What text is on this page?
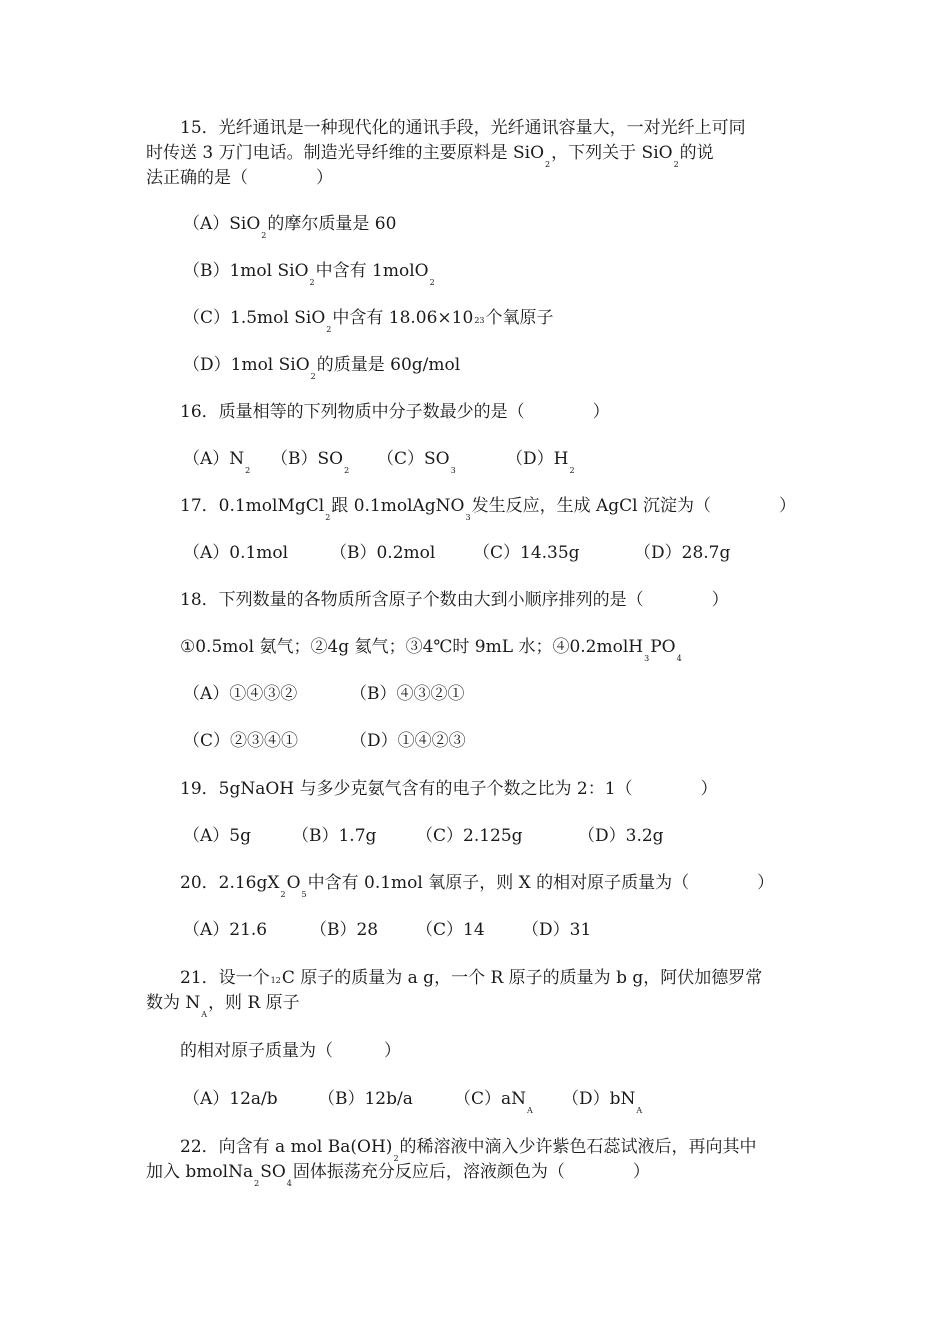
15．光纤通讯是一种现代化的通讯手段，光纤通讯容量大，一对光纤上可同
时传送 3 万门电话。制造光导纤维的主要原料是 SiO$_2$，下列关于 SiO$_2$的说
法正确的是（　　　　）
（A）SiO$_2$的摩尔质量是 60
（B）1mol SiO$_2$中含有 1molO$_2$
（C）1.5mol SiO$_2$中含有 18.06×1023个氧原子
（D）1mol SiO$_2$的质量是 60g/mol
16．质量相等的下列物质中分子数最少的是（　　　　）
$(A)N_2$
$(B)SO_2$
$(C)SO_3$
$(D)H_2$
17．0.1molMgCl$_2$跟 0.1molAgNO$_3$发生反应，生成 AgCl 沉淀为（　　　　）
（A）0.1mol （B）0.2mol （C）14.35g	（D）28.7g
18．下列数量的各物质所含原子个数由大到小顺序排列的是（　　　　）
①0.5mol 氨气；②4g 氦气；③4℃时 9mL 水；$④0.2molH_3PO_4$
（A）①④③②	（B）④③②①
（C）②③④①	（D）①④②③
19．5gNaOH 与多少克氨气含有的电子个数之比为 2：1（　　　　）
（A）5g （B）1.7g （C）2.125g	（D）3.2g
20．$2.16gX_2O_5$中含有 0.1mol 氧原子，则 X 的相对原子质量为（　　　　）
（A）21.6	（B）28 （C）14 （D）31
21．设一个12C 原子的质量为 a g，一个 R 原子的质量为 b g，阿伏加德罗常
数为 $N_A$，则 R 原子
的相对原子质量为（　　　）
（A）12a/b （B）12b/a $(C)aN_A$
$(D)bN_A$
22．向含有 a mol $Ba(OH)_2$的稀溶液中滴入少许紫色石蕊试液后，再向其中
加入 $bmolNa_2SO_4$固体振荡充分反应后，溶液颜色为（　　　　）
